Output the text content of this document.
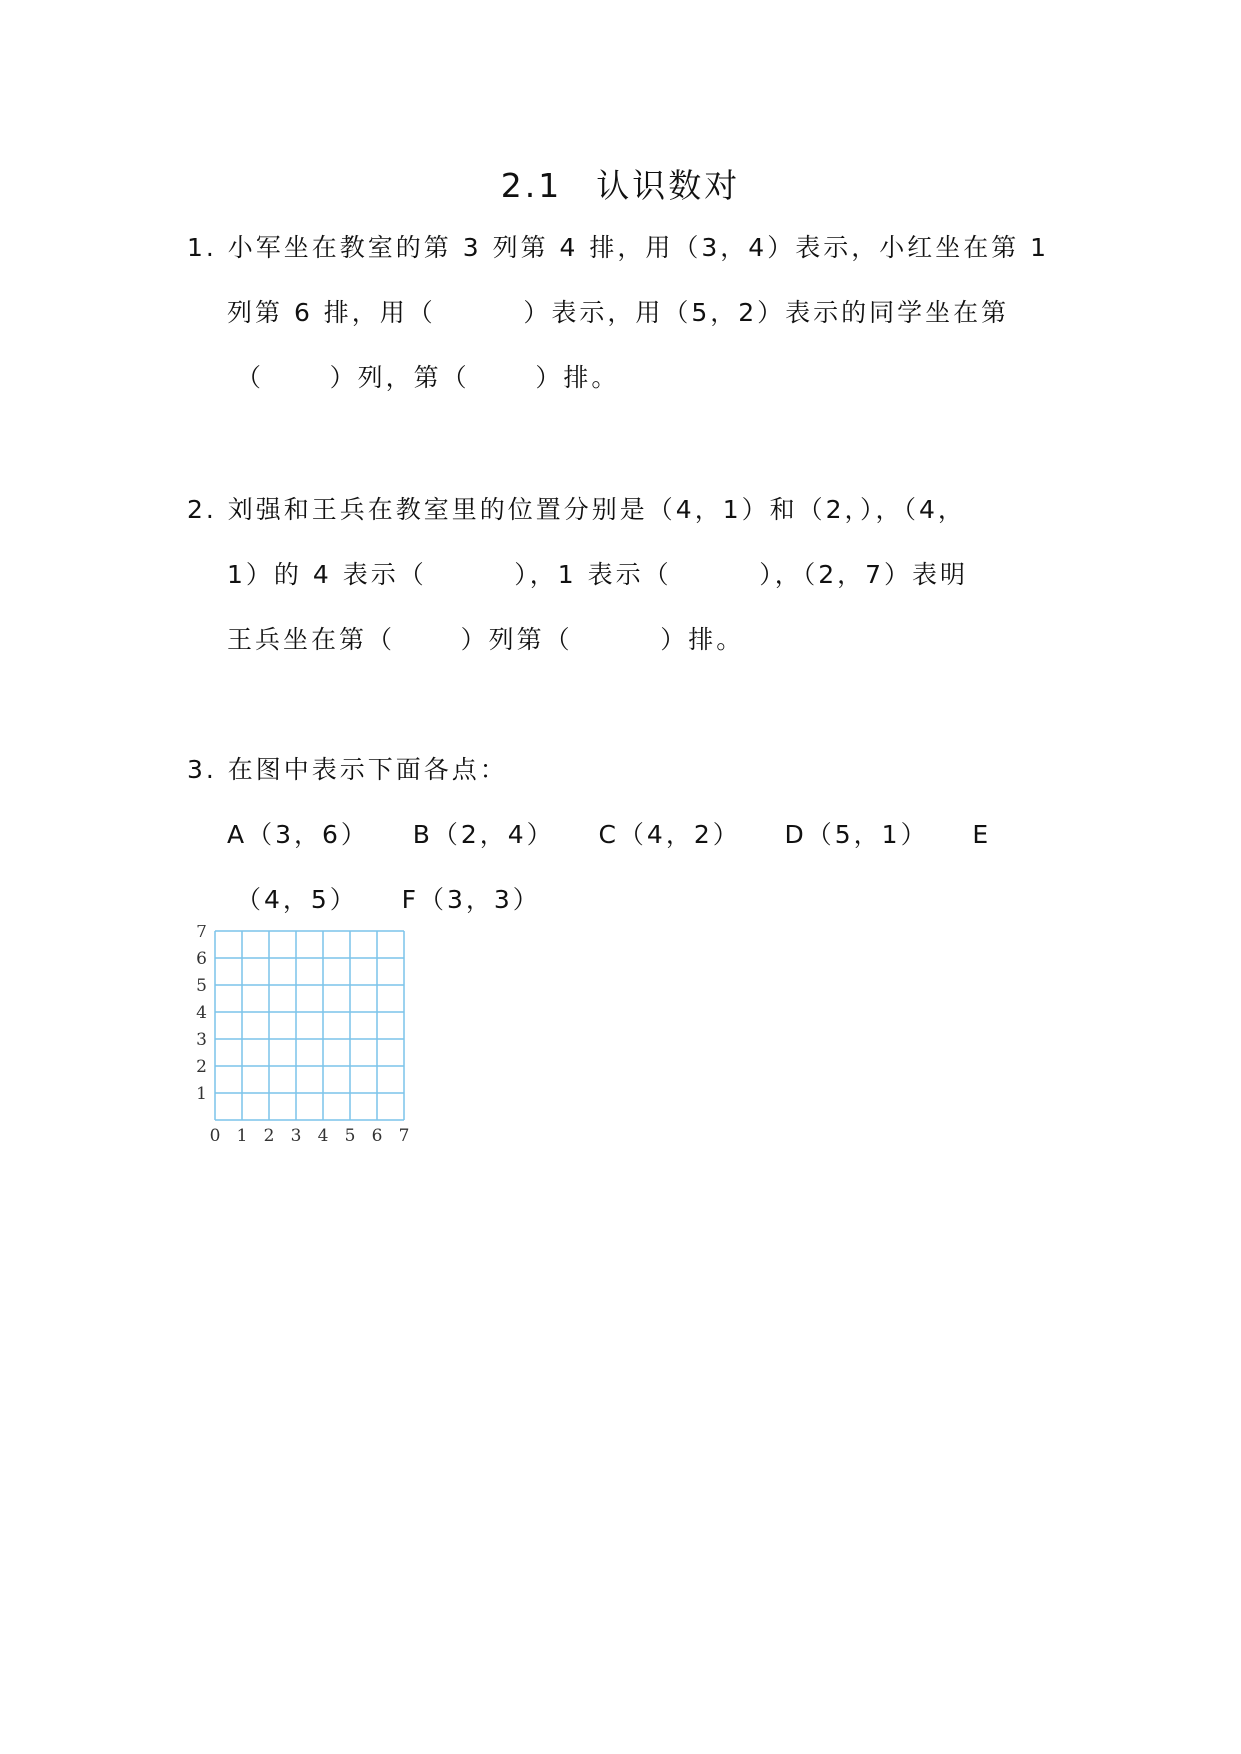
2.1 认识数对
1. 小军坐在教室的第 3 列第 4 排，用（3，4）表示，小红坐在第 1
列第 6 排，用（        ）表示，用（5，2）表示的同学坐在第
（      ）列，第（      ）排。
2. 刘强和王兵在教室里的位置分别是（4，1）和（2，），（4，
1）的 4 表示（        ），1 表示（        ），（2，7）表明
王兵坐在第（      ）列第（        ）排。
3. 在图中表示下面各点：
A（3，6）    B（2，4）    C（4，2）    D（5，1）    E
（4，5）    F（3，3）
0 1 2 3 4 5 6 7
1
2
3
4
5
6
7
